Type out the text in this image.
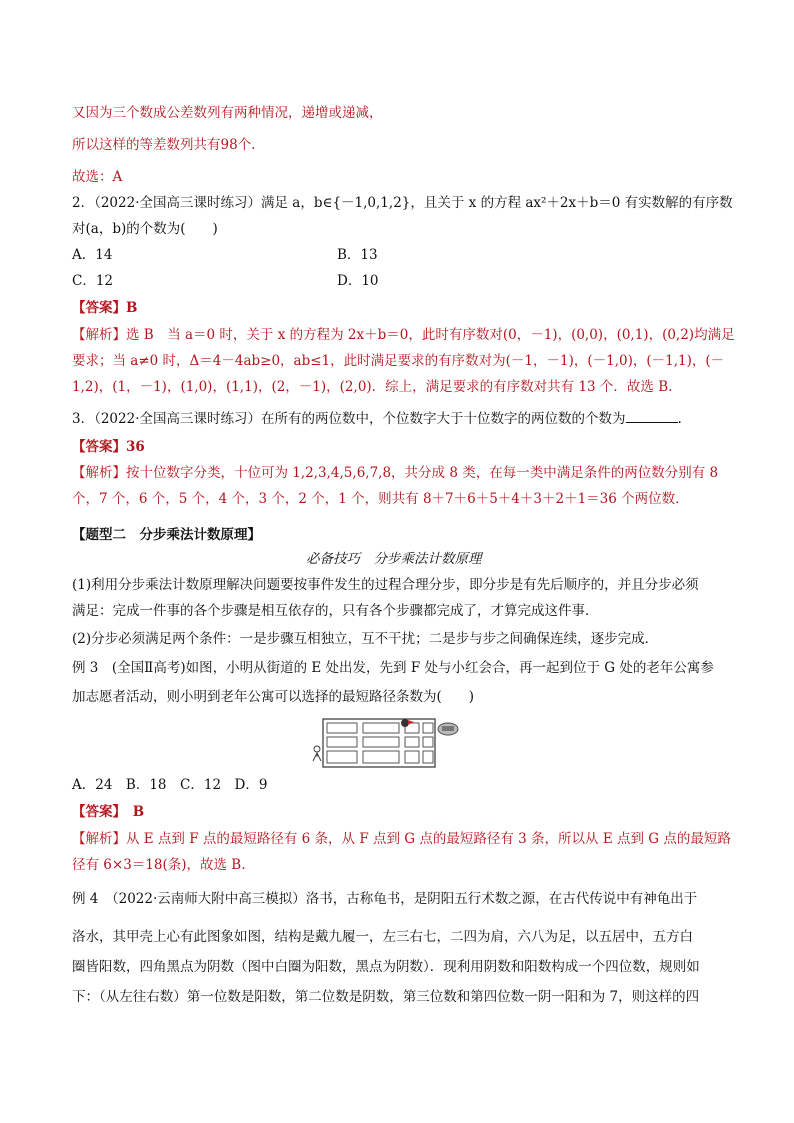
又因为三个数成公差数列有两种情况，递增或递减，
所以这样的等差数列共有98个.
故选：A
2．（2022·全国高三课时练习）满足 a，b∈{－1,0,1,2}，且关于 x 的方程 ax²＋2x＋b＝0 有实数解的有序数
对(a，b)的个数为(　　)
A．14	B．13
C．12	D．10
【答案】B
【解析】选 B　当 a＝0 时，关于 x 的方程为 2x＋b＝0，此时有序数对(0，－1)，(0,0)，(0,1)，(0,2)均满足
要求；当 a≠0 时，Δ＝4－4ab≥0，ab≤1，此时满足要求的有序数对为(－1，－1)，(－1,0)，(－1,1)，(－
1,2)，(1，－1)，(1,0)，(1,1)，(2，－1)，(2,0)．综上，满足要求的有序数对共有 13 个．故选 B.
3．（2022·全国高三课时练习）在所有的两位数中，个位数字大于十位数字的两位数的个数为	.
【答案】36
【解析】按十位数字分类，十位可为 1,2,3,4,5,6,7,8，共分成 8 类，在每一类中满足条件的两位数分别有 8
个，7 个，6 个，5 个，4 个，3 个，2 个，1 个，则共有 8＋7＋6＋5＋4＋3＋2＋1＝36 个两位数．
【题型二　分步乘法计数原理】
必备技巧　分步乘法计数原理
(1)利用分步乘法计数原理解决问题要按事件发生的过程合理分步，即分步是有先后顺序的，并且分步必须
满足：完成一件事的各个步骤是相互依存的，只有各个步骤都完成了，才算完成这件事．
(2)分步必须满足两个条件：一是步骤互相独立，互不干扰；二是步与步之间确保连续，逐步完成．
例 3　(全国Ⅱ高考)如图，小明从街道的 E 处出发，先到 F 处与小红会合，再一起到位于 G 处的老年公寓参
加志愿者活动，则小明到老年公寓可以选择的最短路径条数为(　　)
A．24　B．18　C．12　D．9
【答案】　B
【解析】从 E 点到 F 点的最短路径有 6 条，从 F 点到 G 点的最短路径有 3 条，所以从 E 点到 G 点的最短路
径有 6×3＝18(条)，故选 B.
例 4　（2022·云南师大附中高三模拟）洛书，古称龟书，是阴阳五行术数之源，在古代传说中有神龟出于
洛水，其甲壳上心有此图象如图，结构是戴九履一，左三右七，二四为肩，六八为足，以五居中，五方白
圈皆阳数，四角黑点为阴数（图中白圈为阳数，黑点为阴数）．现利用阴数和阳数构成一个四位数，规则如
下：（从左往右数）第一位数是阳数，第二位数是阴数，第三位数和第四位数一阴一阳和为 7，则这样的四
